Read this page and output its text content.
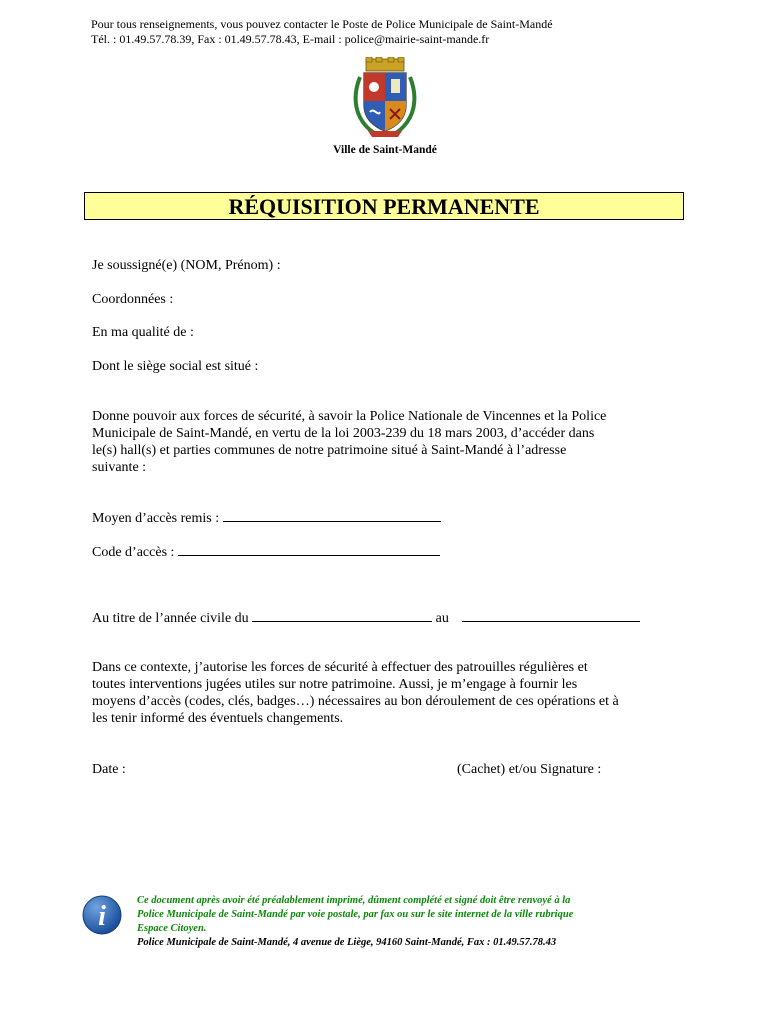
Pour tous renseignements, vous pouvez contacter le Poste de Police Municipale de Saint-Mandé
Tél. : 01.49.57.78.39, Fax : 01.49.57.78.43, E-mail : police@mairie-saint-mande.fr
Ville de Saint-Mandé
RÉQUISITION PERMANENTE
Je soussigné(e) (NOM, Prénom) :
Coordonnées :
En ma qualité de :
Dont le siège social est situé :
Donne pouvoir aux forces de sécurité, à savoir la Police Nationale de Vincennes et la Police
Municipale de Saint-Mandé, en vertu de la loi 2003-239 du 18 mars 2003, d’accéder dans
le(s) hall(s) et parties communes de notre patrimoine situé à Saint-Mandé à l’adresse
suivante :
Moyen d’accès remis :
Code d’accès :
Au titre de l’année civile du	au
Dans ce contexte, j’autorise les forces de sécurité à effectuer des patrouilles régulières et
toutes interventions jugées utiles sur notre patrimoine. Aussi, je m’engage à fournir les
moyens d’accès (codes, clés, badges…) nécessaires au bon déroulement de ces opérations et à
les tenir informé des éventuels changements.
Date :	(Cachet) et/ou Signature :
i
Ce document après avoir été préalablement imprimé, dûment complété et signé doit être renvoyé à la
Police Municipale de Saint-Mandé par voie postale, par fax ou sur le site internet de la ville rubrique
Espace Citoyen.
Police Municipale de Saint-Mandé, 4 avenue de Liège, 94160 Saint-Mandé, Fax : 01.49.57.78.43
